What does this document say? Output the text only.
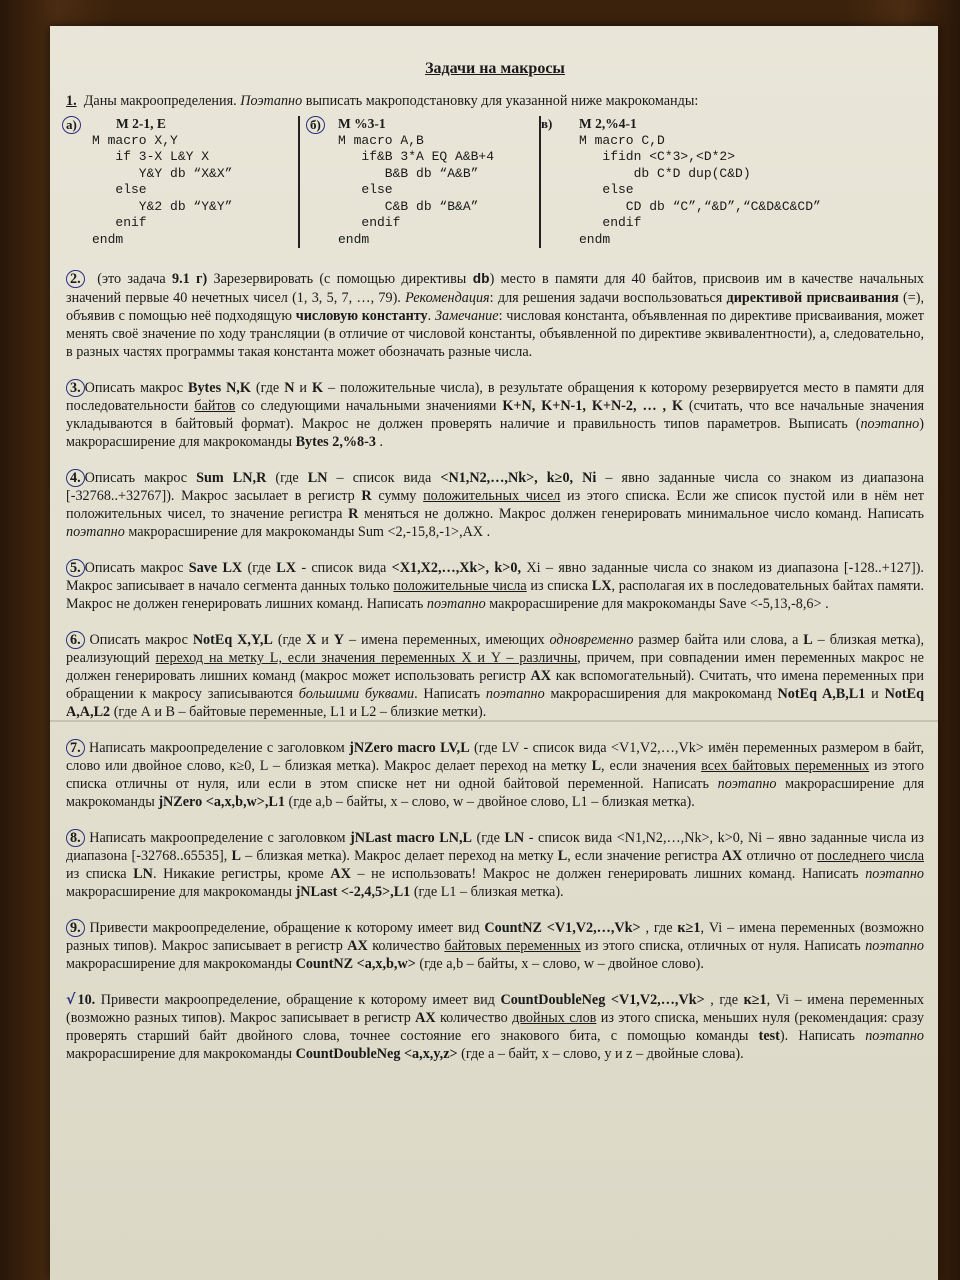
Задачи на макросы
1. Даны макроопределения. Поэтапно выписать макроподстановку для указанной ниже макрокоманды:
а)	M 2-1, E
M macro X,Y
if 3-X L&Y X
Y&Y db “X&X”
else
Y&2 db “Y&Y”
enif
endm
б)	M %3-1
M macro A,B
if&B 3*A EQ A&B+4
B&B db “A&B”
else
C&B db “B&A”
endif
endm
в)	M 2,%4-1
M macro C,D
ifidn <C*3>,<D*2>
db C*D dup(C&D)
else
CD db “C”,“&D”,“C&D&C&CD”
endif
endm
2. (это задача 9.1 г) Зарезервировать (с помощью директивы db) место в памяти для 40 байтов, присвоив им в качестве начальных значений первые 40 нечетных чисел (1, 3, 5, 7, …, 79). Рекомендация: для решения задачи воспользоваться директивой присваивания (=), объявив с помощью неё подходящую числовую константу. Замечание: числовая константа, объявленная по директиве присваивания, может менять своё значение по ходу трансляции (в отличие от числовой константы, объявленной по директиве эквивалентности), а, следовательно, в разных частях программы такая константа может обозначать разные числа.
3. Описать макрос Bytes N,K (где N и K – положительные числа), в результате обращения к которому резервируется место в памяти для последовательности байтов со следующими начальными значениями K+N, K+N-1, K+N-2, … , K (считать, что все начальные значения укладываются в байтовый формат). Макрос не должен проверять наличие и правильность типов параметров. Выписать (поэтапно) макрорасширение для макрокоманды Bytes 2,%8-3 .
4. Описать макрос Sum LN,R (где LN – список вида <N1,N2,…,Nk>, k≥0, Ni – явно заданные числа со знаком из диапазона [-32768..+32767]). Макрос засылает в регистр R сумму положительных чисел из этого списка. Если же список пустой или в нём нет положительных чисел, то значение регистра R меняться не должно. Макрос должен генерировать минимальное число команд. Написать поэтапно макрорасширение для макрокоманды Sum <2,-15,8,-1>,AX .
5. Описать макрос Save LX (где LX - список вида <X1,X2,…,Xk>, k>0, Xi – явно заданные числа со знаком из диапазона [-128..+127]). Макрос записывает в начало сегмента данных только положительные числа из списка LX, располагая их в последовательных байтах памяти. Макрос не должен генерировать лишних команд. Написать поэтапно макрорасширение для макрокоманды Save <-5,13,-8,6> .
6. Описать макрос NotEq X,Y,L (где X и Y – имена переменных, имеющих одновременно размер байта или слова, а L – близкая метка), реализующий переход на метку L, если значения переменных X и Y – различны, причем, при совпадении имен переменных макрос не должен генерировать лишних команд (макрос может использовать регистр AX как вспомогательный). Считать, что имена переменных при обращении к макросу записываются большими буквами. Написать поэтапно макрорасширения для макрокоманд NotEq A,B,L1 и NotEq A,A,L2 (где А и В – байтовые переменные, L1 и L2 – близкие метки).
7. Написать макроопределение с заголовком jNZero macro LV,L (где LV - список вида <V1,V2,…,Vk> имён переменных размером в байт, слово или двойное слово, к≥0, L – близкая метка). Макрос делает переход на метку L, если значения всех байтовых переменных из этого списка отличны от нуля, или если в этом списке нет ни одной байтовой переменной. Написать поэтапно макрорасширение для макрокоманды jNZero <a,x,b,w>,L1 (где a,b – байты, x – слово, w – двойное слово, L1 – близкая метка).
8. Написать макроопределение с заголовком jNLast macro LN,L (где LN - список вида <N1,N2,…,Nk>, k>0, Ni – явно заданные числа из диапазона [-32768..65535], L – близкая метка). Макрос делает переход на метку L, если значение регистра AX отлично от последнего числа из списка LN. Никакие регистры, кроме AX – не использовать! Макрос не должен генерировать лишних команд. Написать поэтапно макрорасширение для макрокоманды jNLast <-2,4,5>,L1 (где L1 – близкая метка).
9. Привести макроопределение, обращение к которому имеет вид CountNZ <V1,V2,…,Vk> , где к≥1, Vi – имена переменных (возможно разных типов). Макрос записывает в регистр AX количество байтовых переменных из этого списка, отличных от нуля. Написать поэтапно макрорасширение для макрокоманды CountNZ <a,x,b,w> (где a,b – байты, x – слово, w – двойное слово).
√ 10. Привести макроопределение, обращение к которому имеет вид CountDoubleNeg <V1,V2,…,Vk> , где к≥1, Vi – имена переменных (возможно разных типов). Макрос записывает в регистр AX количество двойных слов из этого списка, меньших нуля (рекомендация: сразу проверять старший байт двойного слова, точнее состояние его знакового бита, с помощью команды test). Написать поэтапно макрорасширение для макрокоманды CountDoubleNeg <a,x,y,z> (где a – байт, x – слово, y и z – двойные слова).
